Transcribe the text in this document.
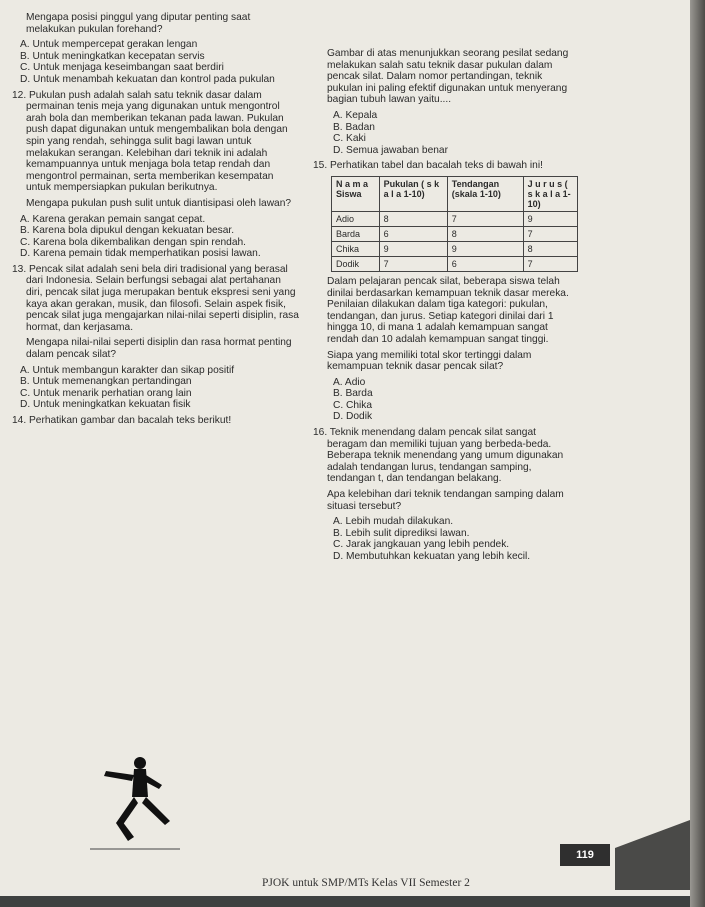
Mengapa posisi pinggul yang diputar penting saat melakukan pukulan forehand?

A. Untuk mempercepat gerakan lengan

B. Untuk meningkatkan kecepatan servis

C. Untuk menjaga keseimbangan saat berdiri

D. Untuk menambah kekuatan dan kontrol pada pukulan

12. Pukulan push adalah salah satu teknik dasar dalam permainan tenis meja yang digunakan untuk mengontrol arah bola dan memberikan tekanan pada lawan. Pukulan push dapat digunakan untuk mengembalikan bola dengan spin yang rendah, sehingga sulit bagi lawan untuk melakukan serangan. Kelebihan dari teknik ini adalah kemampuannya untuk menjaga bola tetap rendah dan mengontrol permainan, serta memberikan kesempatan untuk mempersiapkan pukulan berikutnya.

Mengapa pukulan push sulit untuk diantisipasi oleh lawan?

A. Karena gerakan pemain sangat cepat.

B. Karena bola dipukul dengan kekuatan besar.

C. Karena bola dikembalikan dengan spin rendah.

D. Karena pemain tidak memperhatikan posisi lawan.

13. Pencak silat adalah seni bela diri tradisional yang berasal dari Indonesia. Selain berfungsi sebagai alat pertahanan diri, pencak silat juga merupakan bentuk ekspresi seni yang kaya akan gerakan, musik, dan filosofi. Selain aspek fisik, pencak silat juga mengajarkan nilai-nilai seperti disiplin, rasa hormat, dan kerjasama.

Mengapa nilai-nilai seperti disiplin dan rasa hormat penting dalam pencak silat?

A. Untuk membangun karakter dan sikap positif

B. Untuk memenangkan pertandingan

C. Untuk menarik perhatian orang lain

D. Untuk meningkatkan kekuatan fisik

14. Perhatikan gambar dan bacalah teks berikut!

Gambar di atas menunjukkan seorang pesilat sedang melakukan salah satu teknik dasar pukulan dalam pencak silat. Dalam nomor pertandingan, teknik pukulan ini paling efektif digunakan untuk menyerang bagian tubuh lawan yaitu....

A. Kepala

B. Badan

C. Kaki

D. Semua jawaban benar

15. Perhatikan tabel dan bacalah teks di bawah ini!

N a m a Siswa	Pukulan ( s k a l a 1-10)	Tendangan (skala 1-10)	J u r u s ( s k a l a 1-10)
Adio	8	7	9
Barda	6	8	7
Chika	9	9	8
Dodik	7	6	7

Dalam pelajaran pencak silat, beberapa siswa telah dinilai berdasarkan kemampuan teknik dasar mereka. Penilaian dilakukan dalam tiga kategori: pukulan, tendangan, dan jurus. Setiap kategori dinilai dari 1 hingga 10, di mana 1 adalah kemampuan sangat rendah dan 10 adalah kemampuan sangat tinggi.

Siapa yang memiliki total skor tertinggi dalam kemampuan teknik dasar pencak silat?

A. Adio

B. Barda

C. Chika

D. Dodik

16. Teknik menendang dalam pencak silat sangat beragam dan memiliki tujuan yang berbeda-beda. Beberapa teknik menendang yang umum digunakan adalah tendangan lurus, tendangan samping, tendangan t, dan tendangan belakang.

Apa kelebihan dari teknik tendangan samping dalam situasi tersebut?

A. Lebih mudah dilakukan.

B. Lebih sulit diprediksi lawan.

C. Jarak jangkauan yang lebih pendek.

D. Membutuhkan kekuatan yang lebih kecil.

119
PJOK untuk SMP/MTs Kelas VII Semester 2
